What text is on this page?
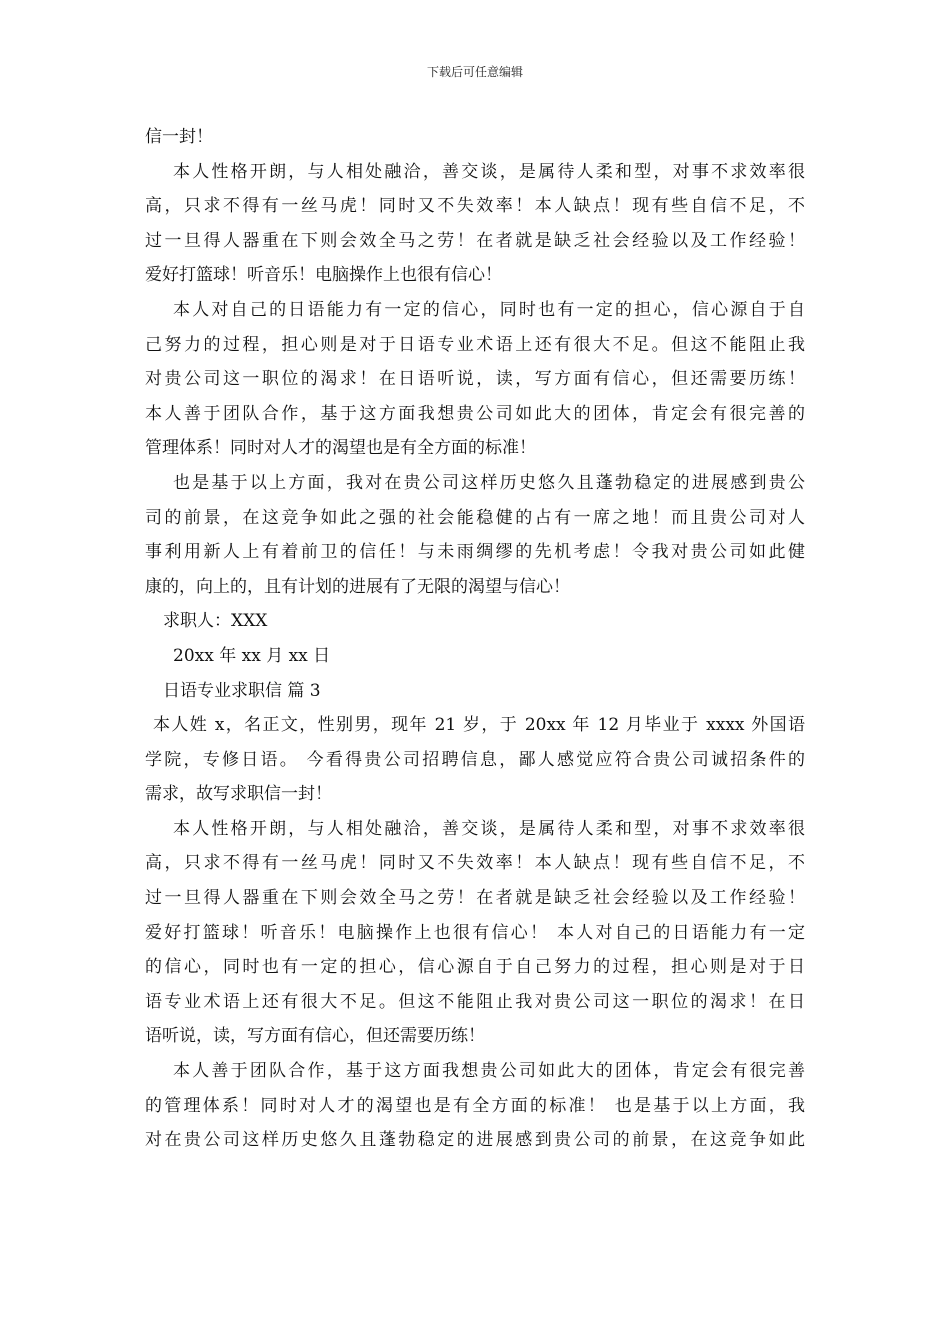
下载后可任意编辑
信一封！
本人性格开朗，与人相处融洽，善交谈，是属待人柔和型，对事不求效率很
高，只求不得有一丝马虎！同时又不失效率！本人缺点！现有些自信不足，不
过一旦得人器重在下则会效全马之劳！在者就是缺乏社会经验以及工作经验！
爱好打篮球！听音乐！电脑操作上也很有信心！
本人对自己的日语能力有一定的信心，同时也有一定的担心，信心源自于自
己努力的过程，担心则是对于日语专业术语上还有很大不足。但这不能阻止我
对贵公司这一职位的渴求！在日语听说，读，写方面有信心，但还需要历练！
本人善于团队合作，基于这方面我想贵公司如此大的团体，肯定会有很完善的
管理体系！同时对人才的渴望也是有全方面的标准！
也是基于以上方面，我对在贵公司这样历史悠久且蓬勃稳定的进展感到贵公
司的前景，在这竞争如此之强的社会能稳健的占有一席之地！而且贵公司对人
事利用新人上有着前卫的信任！与未雨绸缪的先机考虑！令我对贵公司如此健
康的，向上的，且有计划的进展有了无限的渴望与信心！
求职人：XXX
20xx 年 xx 月 xx 日
日语专业求职信 篇 3
本人姓 x，名正文，性别男，现年 21 岁，于 20xx 年 12 月毕业于 xxxx 外国语
学院，专修日语。 今看得贵公司招聘信息，鄙人感觉应符合贵公司诚招条件的
需求，故写求职信一封！
本人性格开朗，与人相处融洽，善交谈，是属待人柔和型，对事不求效率很
高，只求不得有一丝马虎！同时又不失效率！本人缺点！现有些自信不足，不
过一旦得人器重在下则会效全马之劳！在者就是缺乏社会经验以及工作经验！
爱好打篮球！听音乐！电脑操作上也很有信心！ 本人对自己的日语能力有一定
的信心，同时也有一定的担心，信心源自于自己努力的过程，担心则是对于日
语专业术语上还有很大不足。但这不能阻止我对贵公司这一职位的渴求！在日
语听说，读，写方面有信心，但还需要历练！
本人善于团队合作，基于这方面我想贵公司如此大的团体，肯定会有很完善
的管理体系！同时对人才的渴望也是有全方面的标准！ 也是基于以上方面，我
对在贵公司这样历史悠久且蓬勃稳定的进展感到贵公司的前景，在这竞争如此
